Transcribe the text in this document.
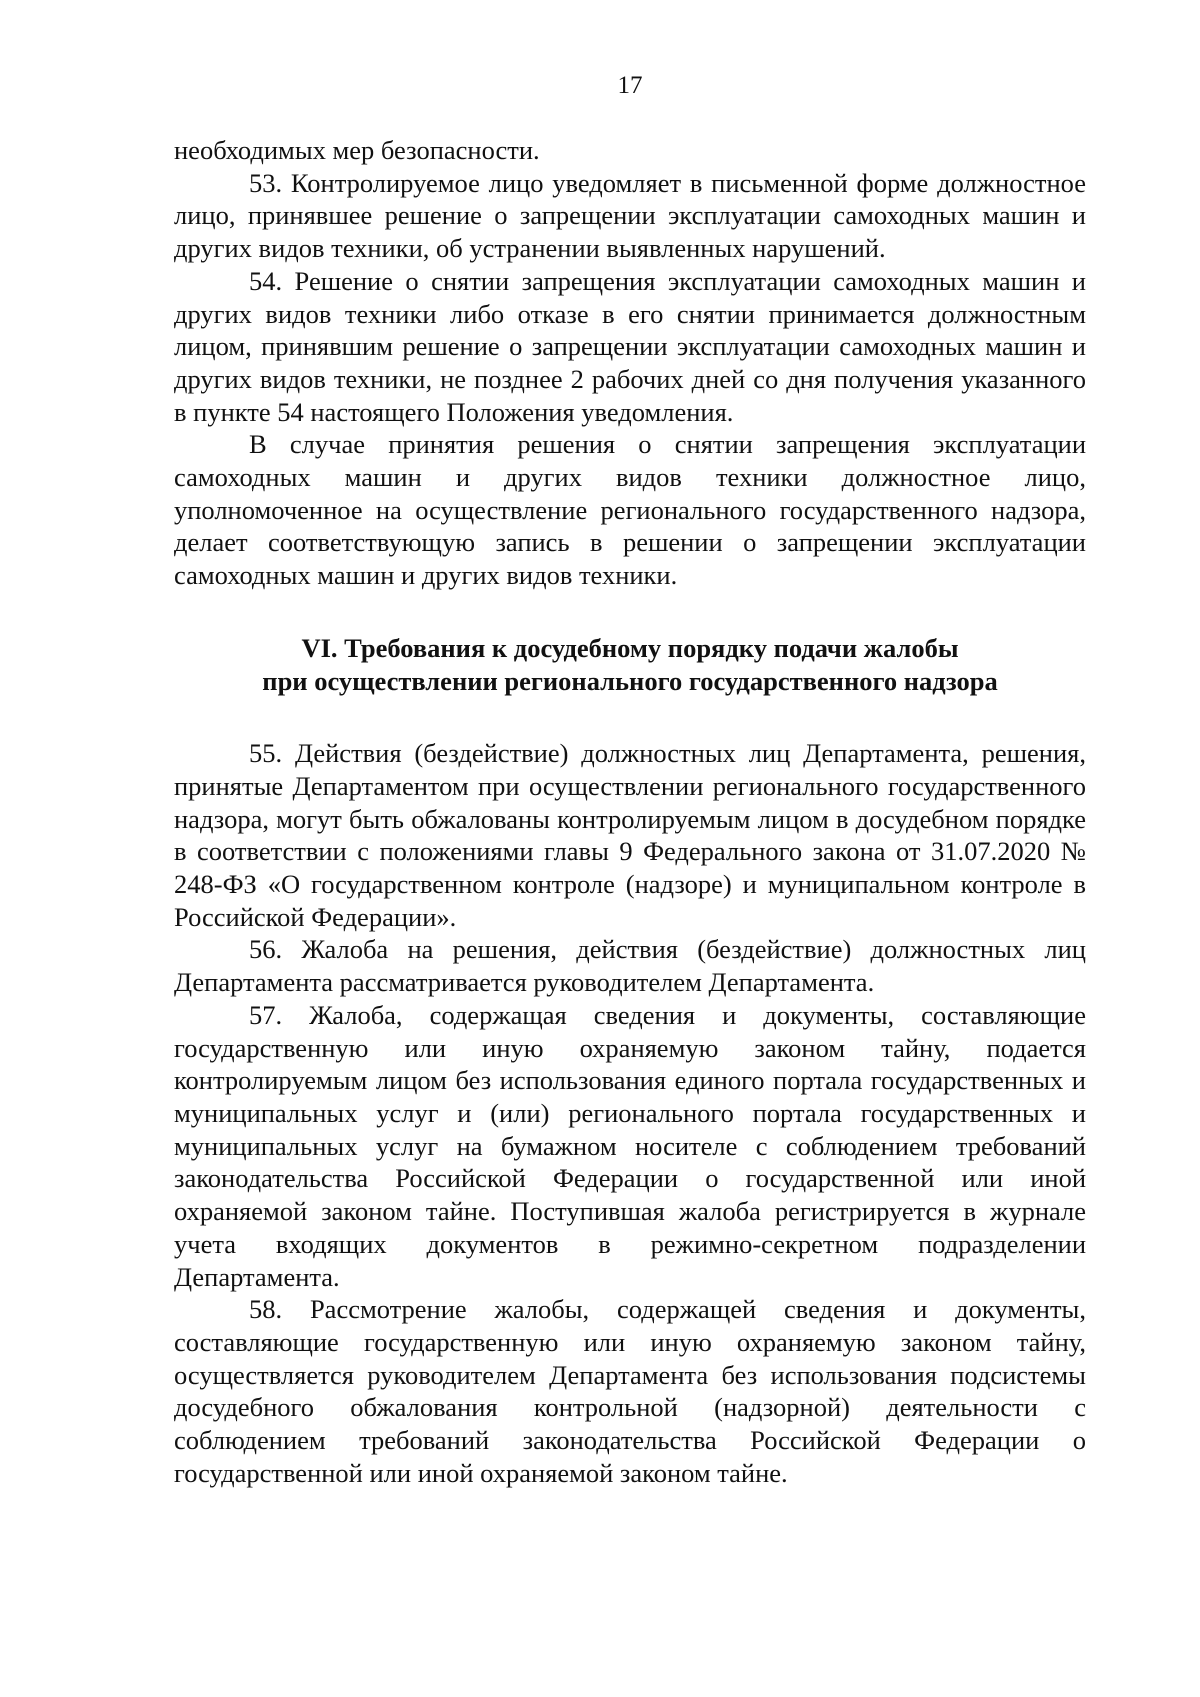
17

необходимых мер безопасности.

53. Контролируемое лицо уведомляет в письменной форме должностное лицо, принявшее решение о запрещении эксплуатации самоходных машин и других видов техники, об устранении выявленных нарушений.

54. Решение о снятии запрещения эксплуатации самоходных машин и других видов техники либо отказе в его снятии принимается должностным лицом, принявшим решение о запрещении эксплуатации самоходных машин и других видов техники, не позднее 2 рабочих дней со дня получения указанного в пункте 54 настоящего Положения уведомления.

В случае принятия решения о снятии запрещения эксплуатации самоходных машин и других видов техники должностное лицо, уполномоченное на осуществление регионального государственного надзора, делает соответствующую запись в решении о запрещении эксплуатации самоходных машин и других видов техники.

VI. Требования к досудебному порядку подачи жалобы
при осуществлении регионального государственного надзора

55. Действия (бездействие) должностных лиц Департамента, решения, принятые Департаментом при осуществлении регионального государственного надзора, могут быть обжалованы контролируемым лицом в досудебном порядке в соответствии с положениями главы 9 Федерального закона от 31.07.2020 № 248-ФЗ «О государственном контроле (надзоре) и муниципальном контроле в Российской Федерации».

56. Жалоба на решения, действия (бездействие) должностных лиц Департамента рассматривается руководителем Департамента.

57. Жалоба, содержащая сведения и документы, составляющие государственную или иную охраняемую законом тайну, подается контролируемым лицом без использования единого портала государственных и муниципальных услуг и (или) регионального портала государственных и муниципальных услуг на бумажном носителе с соблюдением требований законодательства Российской Федерации о государственной или иной охраняемой законом тайне. Поступившая жалоба регистрируется в журнале учета входящих документов в режимно-секретном подразделении Департамента.

58. Рассмотрение жалобы, содержащей сведения и документы, составляющие государственную или иную охраняемую законом тайну, осуществляется руководителем Департамента без использования подсистемы досудебного обжалования контрольной (надзорной) деятельности с соблюдением требований законодательства Российской Федерации о государственной или иной охраняемой законом тайне.
